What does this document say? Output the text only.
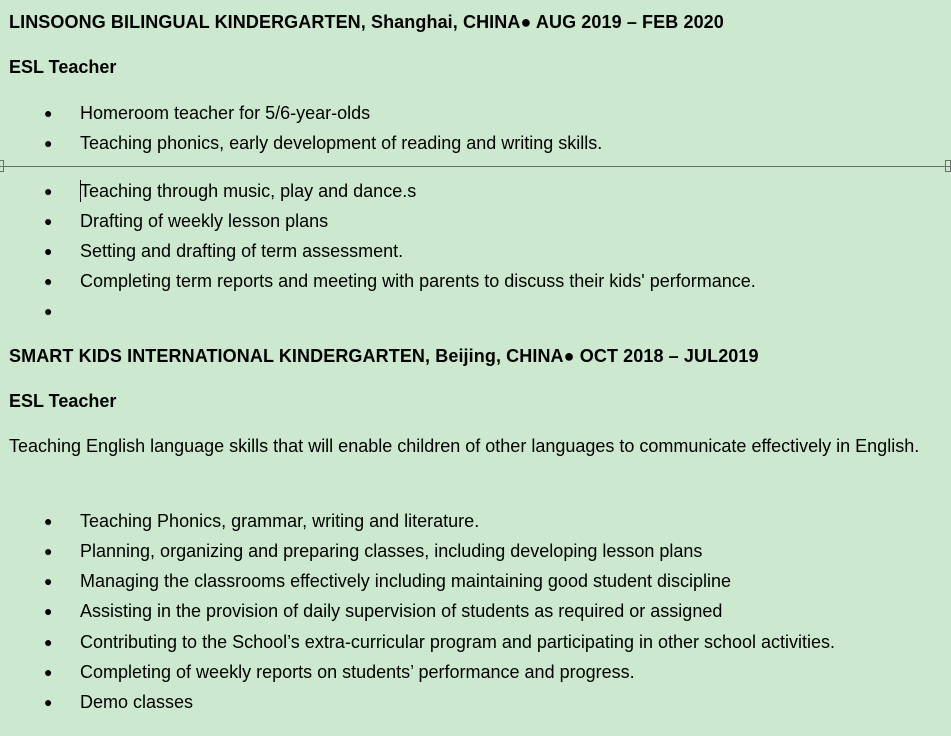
LINSOONG BILINGUAL KINDERGARTEN, Shanghai, CHINA● AUG 2019 – FEB 2020
ESL Teacher
● Homeroom teacher for 5/6-year-olds
● Teaching phonics, early development of reading and writing skills.
● Teaching through music, play and dance.s
● Drafting of weekly lesson plans
● Setting and drafting of term assessment.
● Completing term reports and meeting with parents to discuss their kids' performance.
●
SMART KIDS INTERNATIONAL KINDERGARTEN, Beijing, CHINA● OCT 2018 – JUL2019
ESL Teacher
Teaching English language skills that will enable children of other languages to communicate effectively in English.
● Teaching Phonics, grammar, writing and literature.
● Planning, organizing and preparing classes, including developing lesson plans
● Managing the classrooms effectively including maintaining good student discipline
● Assisting in the provision of daily supervision of students as required or assigned
● Contributing to the School’s extra-curricular program and participating in other school activities.
● Completing of weekly reports on students’ performance and progress.
● Demo classes
